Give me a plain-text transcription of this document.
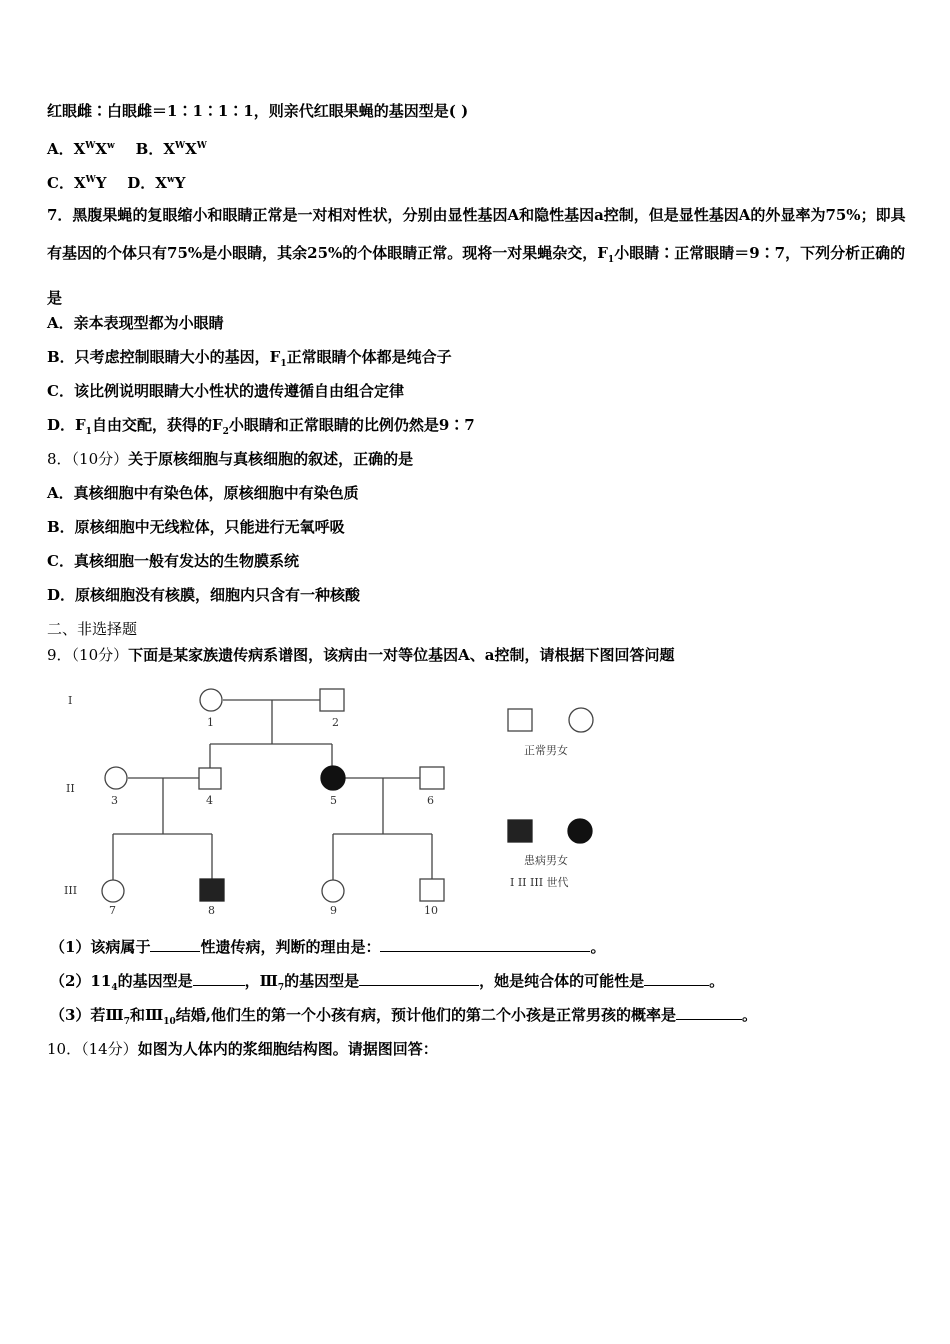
红眼雌∶白眼雌＝1∶1∶1∶1，则亲代红眼果蝇的基因型是( )
A．$X^WX^w$ B．$X^WX^W$
C．$X^WY$ D．$X^wY$
7．黑腹果蝇的复眼缩小和眼睛正常是一对相对性状，分别由显性基因A和隐性基因a控制，但是显性基因A的外显率为75%；即具有基因的个体只有75%是小眼睛，其余25%的个体眼睛正常。现将一对果蝇杂交，$F_1$小眼睛∶正常眼睛＝9∶7，下列分析正确的是
A．亲本表现型都为小眼睛
B．只考虑控制眼睛大小的基因，$F_1$正常眼睛个体都是纯合子
C．该比例说明眼睛大小性状的遗传遵循自由组合定律
D．$F_1$自由交配，获得的$F_2$小眼睛和正常眼睛的比例仍然是9∶7
8．（10分）关于原核细胞与真核细胞的叙述，正确的是
A．真核细胞中有染色体，原核细胞中有染色质
B．原核细胞中无线粒体，只能进行无氧呼吸
C．真核细胞一般有发达的生物膜系统
D．原核细胞没有核膜，细胞内只含有一种核酸
二、非选择题
9．（10分）下面是某家族遗传病系谱图，该病由一对等位基因A、a控制，请根据下图回答问题
I
II
III
1	2
3	4	5	6
7	8	9	10
正常男女
患病男女
I II III 世代
（1）该病属于	性遗传病，判断的理由是：	。
$(2)11_4$的基因型是	，$Ⅲ_7$的基因型是	，她是纯合体的可能性是	。
（3）若$Ⅲ_7$和$Ⅲ_{10}$结婚,他们生的第一个小孩有病，预计他们的第二个小孩是正常男孩的概率是	。
10．（14分）如图为人体内的浆细胞结构图。请据图回答：
